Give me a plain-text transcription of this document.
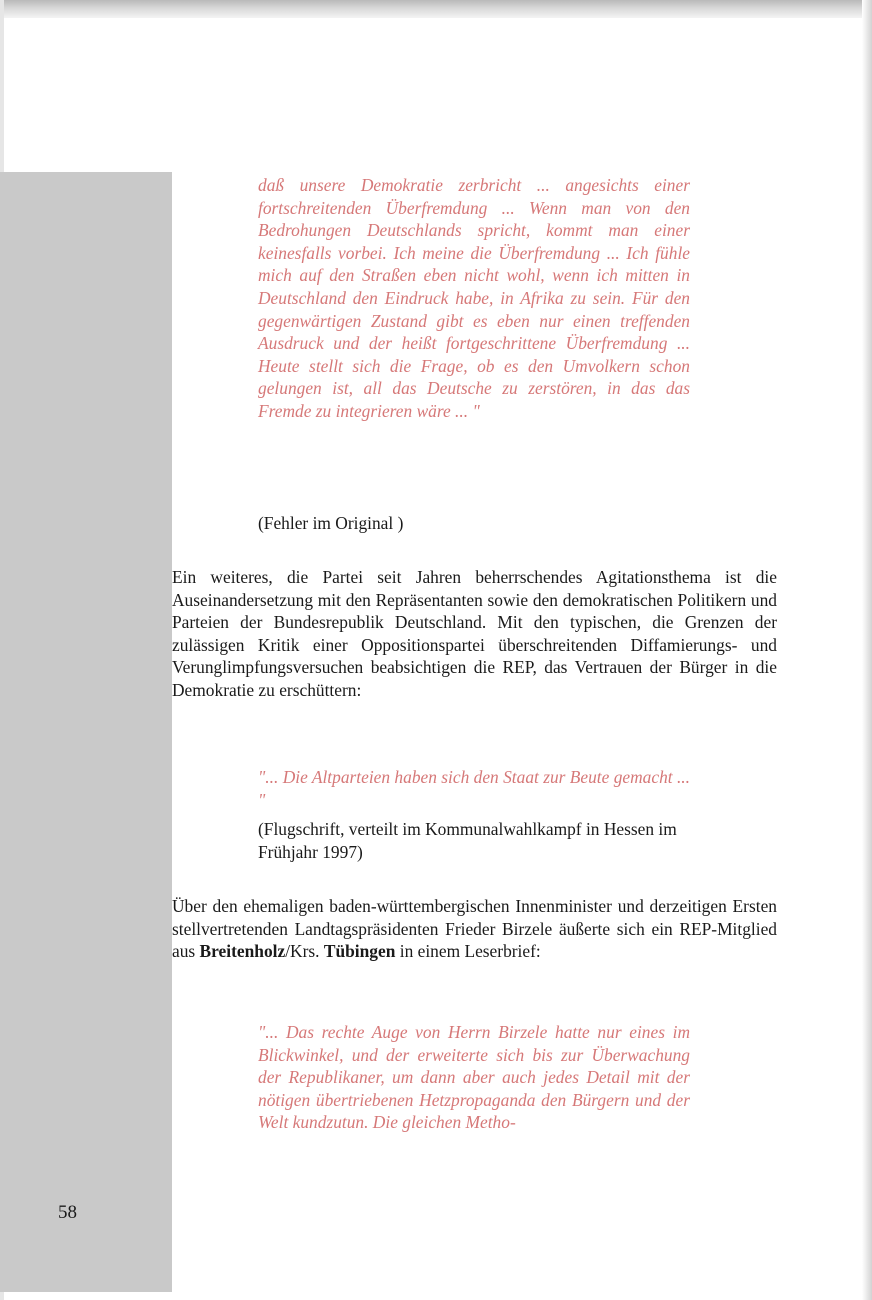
daß unsere Demokratie zerbricht ... angesichts einer fortschreitenden Überfremdung ... Wenn man von den Bedrohungen Deutschlands spricht, kommt man einer keinesfalls vorbei. Ich meine die Überfremdung ... Ich fühle mich auf den Straßen eben nicht wohl, wenn ich mitten in Deutschland den Eindruck habe, in Afrika zu sein. Für den gegenwärtigen Zustand gibt es eben nur einen treffenden Ausdruck und der heißt fortgeschrittene Überfremdung ... Heute stellt sich die Frage, ob es den Umvolkern schon gelungen ist, all das Deutsche zu zerstören, in das das Fremde zu integrieren wäre ... "

(Fehler im Original )

Ein weiteres, die Partei seit Jahren beherrschendes Agitationsthema ist die Auseinandersetzung mit den Repräsentanten sowie den demokratischen Politikern und Parteien der Bundesrepublik Deutschland. Mit den typischen, die Grenzen der zulässigen Kritik einer Oppositionspartei überschreitenden Diffamierungs- und Verunglimpfungsversuchen beabsichtigen die REP, das Vertrauen der Bürger in die Demokratie zu erschüttern:

"... Die Altparteien haben sich den Staat zur Beute gemacht ... "

(Flugschrift, verteilt im Kommunalwahlkampf in Hessen im Frühjahr 1997)

Über den ehemaligen baden-württembergischen Innenminister und derzeitigen Ersten stellvertretenden Landtagspräsidenten Frieder Birzele äußerte sich ein REP-Mitglied aus Breitenholz/Krs. Tübingen in einem Leserbrief:

"... Das rechte Auge von Herrn Birzele hatte nur eines im Blickwinkel, und der erweiterte sich bis zur Überwachung der Republikaner, um dann aber auch jedes Detail mit der nötigen übertriebenen Hetzpropaganda den Bürgern und der Welt kundzutun. Die gleichen Metho-

58
